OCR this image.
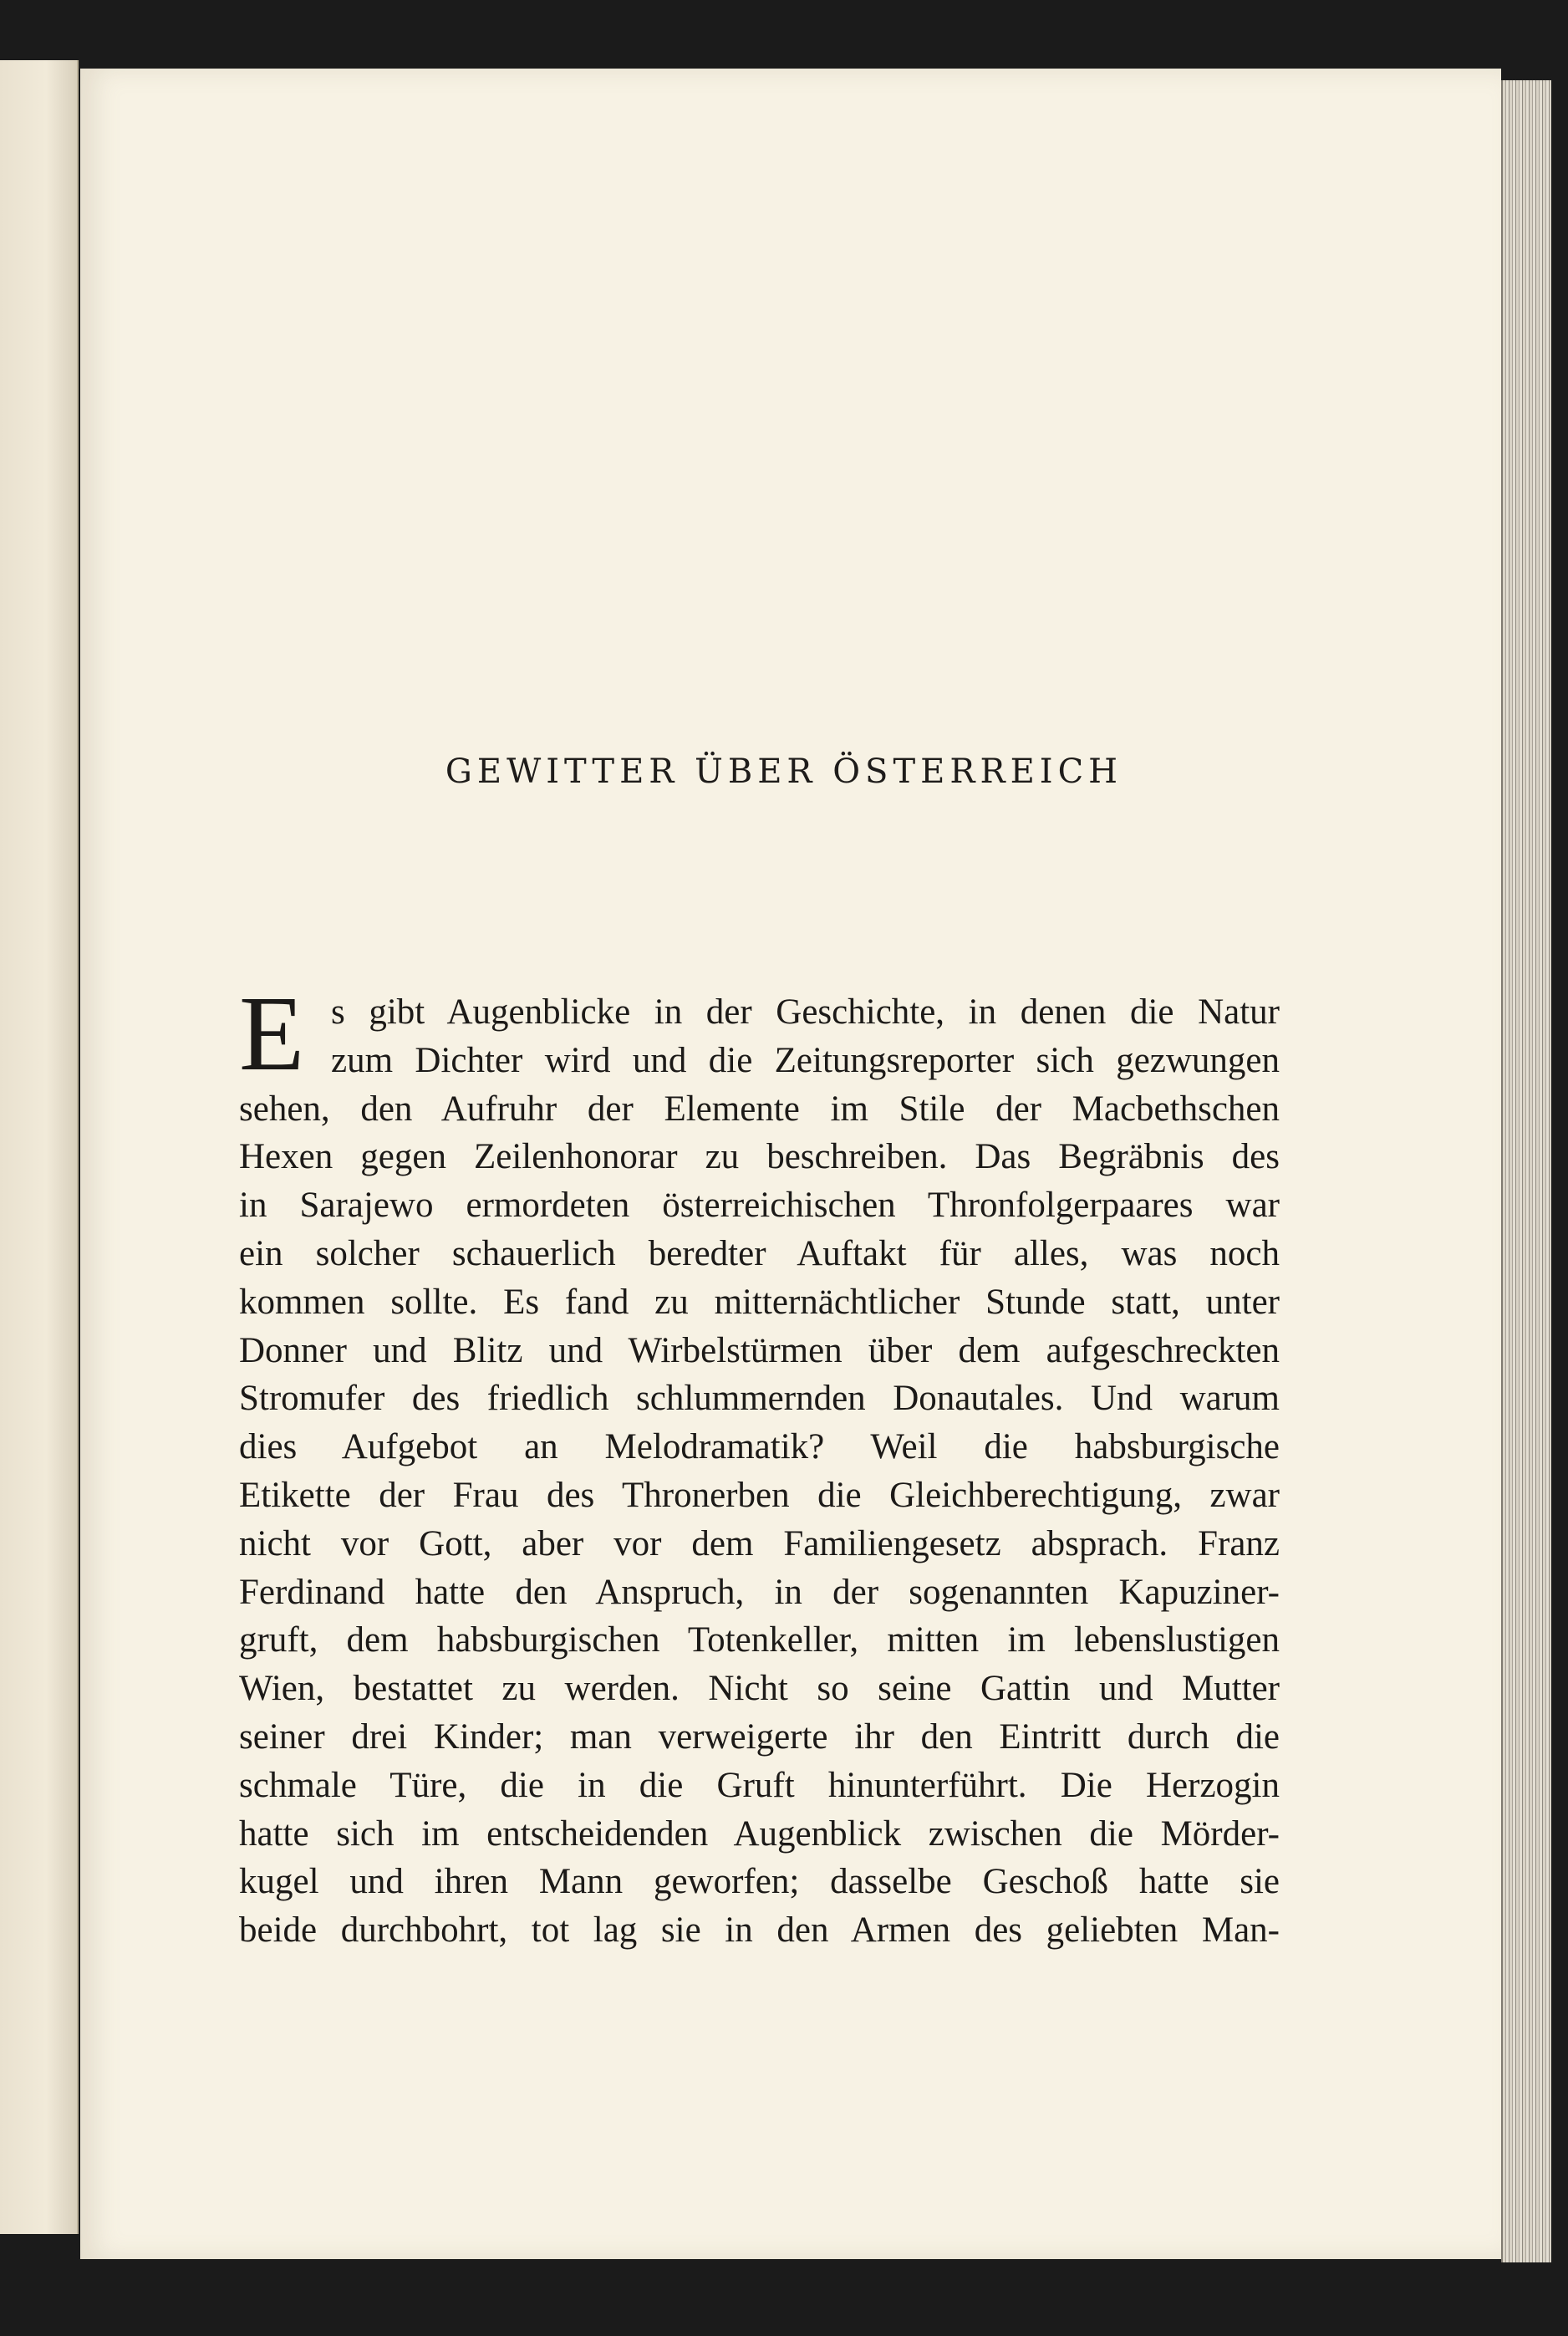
GEWITTER ÜBER ÖSTERREICH
E s gibt Augenblicke in der Geschichte, in denen die Natur
zum Dichter wird und die Zeitungsreporter sich gezwungen
sehen, den Aufruhr der Elemente im Stile der Macbethschen
Hexen gegen Zeilenhonorar zu beschreiben. Das Begräbnis des
in Sarajewo ermordeten österreichischen Thronfolgerpaares war
ein solcher schauerlich beredter Auftakt für alles, was noch
kommen sollte. Es fand zu mitternächtlicher Stunde statt, unter
Donner und Blitz und Wirbelstürmen über dem aufgeschreckten
Stromufer des friedlich schlummernden Donautales. Und warum
dies Aufgebot an Melodramatik? Weil die habsburgische
Etikette der Frau des Thronerben die Gleichberechtigung, zwar
nicht vor Gott, aber vor dem Familiengesetz absprach. Franz
Ferdinand hatte den Anspruch, in der sogenannten Kapuziner-
gruft, dem habsburgischen Totenkeller, mitten im lebenslustigen
Wien, bestattet zu werden. Nicht so seine Gattin und Mutter
seiner drei Kinder; man verweigerte ihr den Eintritt durch die
schmale Türe, die in die Gruft hinunterführt. Die Herzogin
hatte sich im entscheidenden Augenblick zwischen die Mörder-
kugel und ihren Mann geworfen; dasselbe Geschoß hatte sie
beide durchbohrt, tot lag sie in den Armen des geliebten Man-
